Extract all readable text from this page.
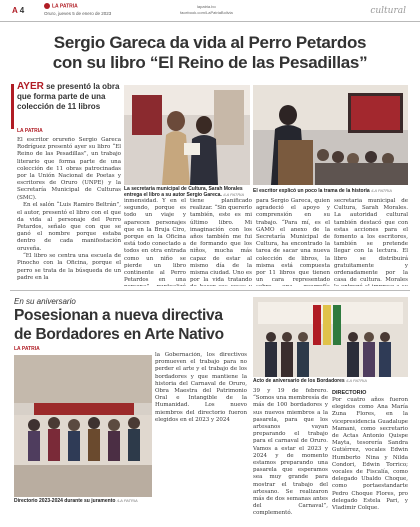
A 4	LA PATRIA
Oruro, jueves 5 de enero de 2023
lapatria.bo
facebook.com/LaPatriaBolivia	cultural
Sergio Gareca da vida al Perro Petardos
con su libro “El Reino de las Pesadillas”
AYER se presentó la obra que forma parte de una colección de 11 libros
LA PATRIA

El escritor orureño Sergio Gareca Rodríguez presentó ayer su libro “El Reino de las Pesadillas”, un trabajo literario que forma parte de una colección de 11 obras patrocinadas por la Unión Nacional de Poetas y escritores de Oruro (UNPE) y la Secretaría Municipal de Culturas (SMC).

En el salón “Luis Ramiro Beltrán”, el autor, presentó el libro con el que da vida al personaje del Perro Petardos, señalo que con que se ganó el nombre porque estaba dentro de cada manifestación oruveña.

“El libro se centra una escuela de Pinocho con la Oficina, porque el perro se trata de la búsqueda de un padre en la

La secretaria municipal de Cultura, Sarah Morales entrega el libro a su autor Sergio Gareca. /LA PATRIA
El escritor explicó un poco la trama de la historia /LA PATRIA
inmensidad. Y en el segundo, porque es todo un viaje y aparecen personajes que en la Bruja Ciro, porque en la Oficina está todo conectado a todos en otra entrada como un niño se pierde un libro continente al Perro Petardos en una
tiene planificado realizar. “Sin quererlo también, este es mi último libro. Mi imaginación con los años también me fui de formando que los niños, mucha más capaz de estar al mismo día de la misma ciudad. Uno es por la vida tratando
para Sergio Gareca, quien agradeció el apoyo y comprensión en su trabajo. “Para mí, es el GAMO el anexo de la Secretaría Municipal de Cultura, ha encontrado la tarea de sacar una nueva colección de libros, la misma está compuesta por 11 libros que tienen un cara representado
secretaria municipal de Cultura, Sarah Morales. La autoridad cultural también destacó que con estas acciones para el fomento a los escritores, también se pretende llegar con la lectura. El libro se distribuirá gratuitamente y ordenadamente por la casa de cultura. Morales
En su aniversario
Posesionan a nueva directiva
de Bordadores en Arte Nativo
LA PATRIA
Directorio 2023-2024 durante su juramento /LA PATRIA
Acto de aniversario de los Bordadores /LA PATRIA
la Gobernación, los directivos promueven el trabajo para no perder el arte y el trabajo de los bordadores y que mantiene la historia del Carnaval de Oruro, Obra Maestra del Patrimonio Oral e Intangible de la Humanidad. Los nuevo miembros del directorio fueron elegidos en el 2023 y 2024
39 y 19 de febrero. “Somos una membresía de más de 100 bordadores y sus nuevos miembros a la pasarela, para que los artesanos vayan preparando el trabajo para el carnaval de Oruro. Vamos a estar el 2023 y 2024 y de momento estamos preparando una pasarela que esperamos sea muy grande para mostrar el trabajo del artesano. Se realizaron más de dos semanas antes del Carnaval”, complementó.
DIRECTORIO
Por cuatro años fueron elegidos como Ana María Zuna Flores, en la vicepresidencia Guadalupe Mamani, como secretario de Actas Antonio Quispe Mayta, tesorería Sandra Gutiérrez, vocales Edwin Humberto Nina y Nilda Condori, Edwin Torrico; vocales de Fiscalía, como delegado Ubaldo Choque, como portaestandarte Pedro Choque Flores, pro delegado Estela Pari, y Vladimir Colque.
